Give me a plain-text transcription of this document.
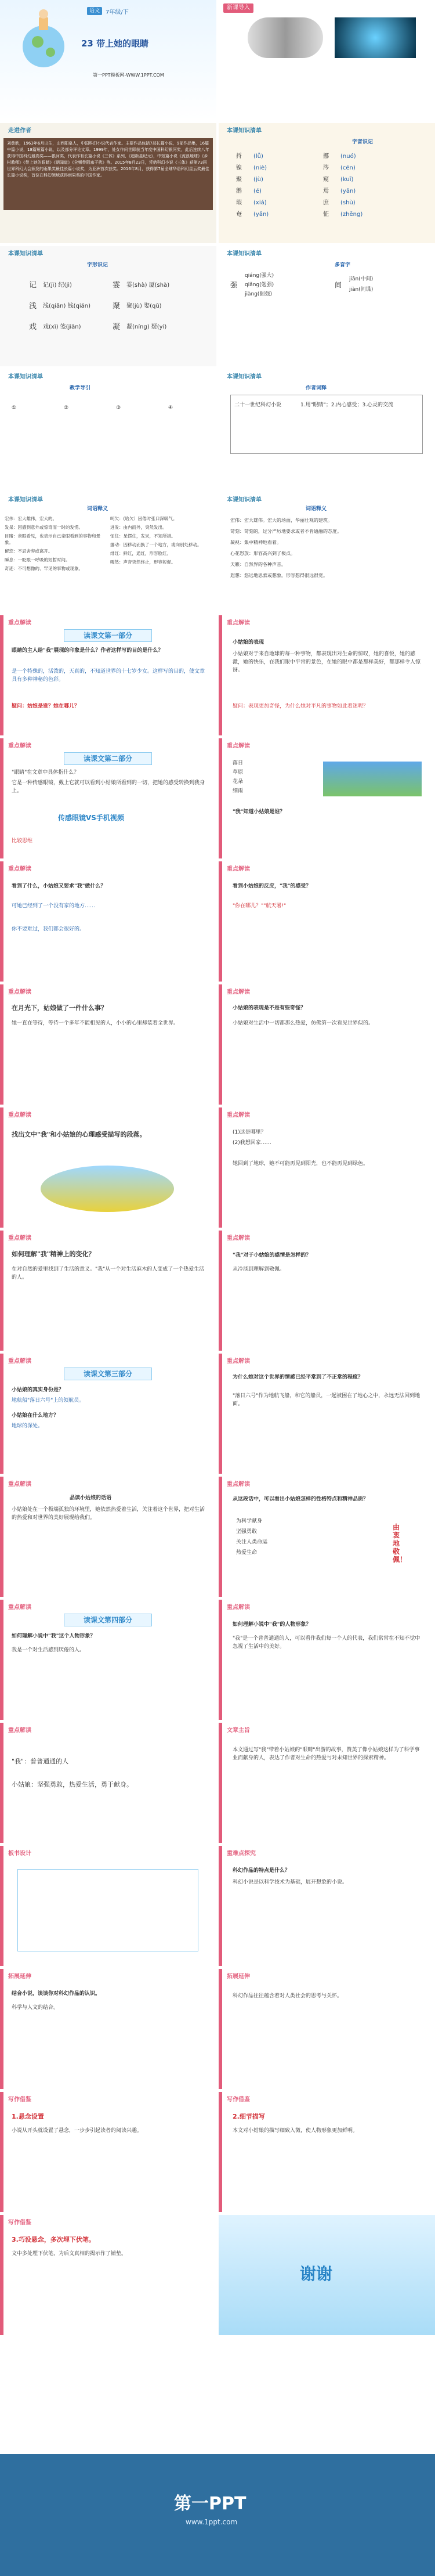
语文	7年级/下
23 带上她的眼睛
第一PPT模板网-WWW.1PPT.COM
新课导入
走进作者
刘慈欣，1963年6月出生，山西阳泉人，中国科幻小说代表作家。主要作品包括7部长篇小说，9部作品集，16篇中篇小说，18篇短篇小说，以及部分评论文章。1999年，处女作问世即获当年度中国科幻银河奖，此后连续八年获得中国科幻最高奖——银河奖，代表作有长篇小说《三体》系列、《超新星纪元》，中短篇小说《流浪地球》《乡村教师》《带上她的眼睛》《朝闻道》《全频带阻塞干扰》等。2015年8月23日，凭借科幻小说《三体》获第73届世界科幻大会颁发的雨果奖最佳长篇小说奖，为亚洲首次获奖。2016年8月，获得第7届全球华语科幻星云奖最佳长篇小说奖，首位在科幻领域获得雨果奖的中国作家。
本课知识清单
字音识记
捋	(lǚ)	挪	(nuó)
镍	(niè)	涔	(cén)
聚	(jù)	窥	(kuī)
鹅	(é)	焉	(yān)
瑕	(xiá)	庶	(shù)
奄	(yǎn)	怔	(zhēng)
本课知识清单
字形识记
记	记(jì) 纪(jì)	霎	霎(shà) 厦(shà)
浅	浅(qiǎn) 钱(qián)	聚	聚(jù) 娶(qǔ)
戏	戏(xì) 笺(jiān)	凝	凝(níng) 疑(yí)
本课知识清单
多音字
强
qiáng(强大)
qiǎng(勉强)
jiàng(倔强)
间
jiān(中间)
jiàn(间谍)
本课知识清单
教学导引
①	②	③	④
本课知识清单
作者词释
二十一世纪科幻小说	1.用"眼睛"；2.内心感受；3.心灵的交流
本课知识清单
词语释义
宏伟：宏大雄伟，宏大的。
发呆：因感到意外或惊奇而一时的发愣。
目睹：亲眼看见，也表示自己亲眼看到的事物和景象。
留恋：不忍舍弃或离开。
瞬息：一眨眼一呼吸的短暂时间。
奇迹：不可想像的、罕见的事物或现象。
呵欠：(哈欠）困倦时张口深吸气。
迸发：由内而外，突然发出。
怔住：呆愣住，发呆，不知所措。
挪动：因移动而换了一个地方，或向别处移动。
绯红：鲜红，通红，形容脸红。
嘎然：声音突然终止，形容短促。
本课知识清单
词语释义
宏伟：宏大雄伟。宏大的场面，华丽壮观的建筑。
苛刻：苛刻的，过分严厉地要求或者不肯通融的态度。
凝视：集中精神地看着。
心花怒放：形容高兴到了极点。
天籁：自然界的各种声音。
遐想：悠远地思索或想象。形容想得很远很宽。
重点解读
读课文第一部分
眼睛的主人给"我"展现的印象是什么？作者这样写的目的是什么？
是一个特殊的，活泼的，天真的，不知道世界的十七岁少女。这样写的目的，使文章具有多种神秘的色彩。
疑问：姑娘是谁？她在哪儿？
重点解读
小姑娘的表现
小姑娘对于来自地球的每一种事物，都表现出对生命的惊叹，她的喜悦，她的感激，她的快乐，在我们眼中平常的景色，在她的眼中都是那样美好，都那样令人惊讶。
疑问：表现更加奇怪，为什么她对平凡的事物如此着迷呢？
重点解读
读课文第二部分
"眼睛"在文章中具体指什么？
它是一种传感眼镜，戴上它就可以看到小姑娘所看到的一切，把她的感受转换到我身上。
传感眼镜VS手机视频
比较思维
重点解读
落日
草原
花朵
细雨
"我"知道小姑娘是谁？
重点解读
看到了什么，小姑娘又要求"我"做什么？
可她已经到了一个没有家的地方……
你不要难过，我们都会很好的。
重点解读
看到小姑娘的反应，"我"的感受？
"你在哪儿？""航天署!"
重点解读
在月光下，姑娘做了一件什么事？
她一直在等待，等待一个多年不能相见的人，小小的心里却装着全世界。
重点解读
小姑娘的表现是不是有些奇怪？
小姑娘对生活中一切都那么热爱，仿佛第一次看见世界似的。
重点解读
找出文中"我"和小姑娘的心理感受描写的段落。
重点解读
(1)这是哪里？
(2)我想回家……
她回到了地球，她不可能再见到阳光，也不能再见到绿色。
重点解读
如何理解"我"精神上的变化？
在对自然的爱里找到了生活的意义。"我"从一个对生活麻木的人变成了一个热爱生活的人。
重点解读
"我"对于小姑娘的感情是怎样的？
从冷淡到理解到敬佩。
重点解读
读课文第三部分
小姑娘的真实身份是？
地航船"落日六号"上的领航员。
小姑娘在什么地方？
地球的深处。
重点解读
为什么她对这个世界的情感已经平常到了不正常的程度？
"落日六号"作为地航飞船，和它的船员，一起被困在了地心之中，永远无法回到地面。
重点解读
品读小姑娘的话语
小姑娘处在一个极端孤独的环境里，她依然热爱着生活，关注着这个世界，把对生活的热爱和对世界的美好展现给我们。
重点解读
从这段话中，可以看出小姑娘怎样的性格特点和精神品质？
为科学献身
坚强勇敢
关注人类命运
热爱生命
由衷地敬佩！
重点解读
读课文第四部分
如何理解小说中"我"这个人物形象？
我是一个对生活感到厌倦的人。
重点解读
如何理解小说中"我"的人物形象？
"我"是一个普普通通的人，可以看作我们每一个人的代表，我们常常在不知不觉中忽视了生活中的美好。
重点解读
"我"：普普通通的人
小姑娘：坚强勇敢，热爱生活，勇于献身。
文章主旨
本文通过写"我"带着小姑娘的"眼睛"出游的故事，赞美了像小姑娘这样为了科学事业而献身的人，表达了作者对生命的热爱与对未知世界的探索精神。
板书设计	重难点探究
科幻作品的特点是什么？
科幻小说是以科学技术为基础，展开想象的小说。
拓展延伸
结合小说，谈谈你对科幻作品的认识。
科学与人文的结合。
拓展延伸
科幻作品往往蕴含着对人类社会的思考与关怀。
写作借鉴
1.悬念设置
小说从开头就设置了悬念，一步步引起读者的阅读兴趣。
写作借鉴
2.细节描写
本文对小姑娘的描写细致入微，使人物形象更加鲜明。
写作借鉴
3.巧设悬念，多次埋下伏笔。
文中多处埋下伏笔，为后文真相的揭示作了铺垫。
谢谢
第一PPT
www.1ppt.com
